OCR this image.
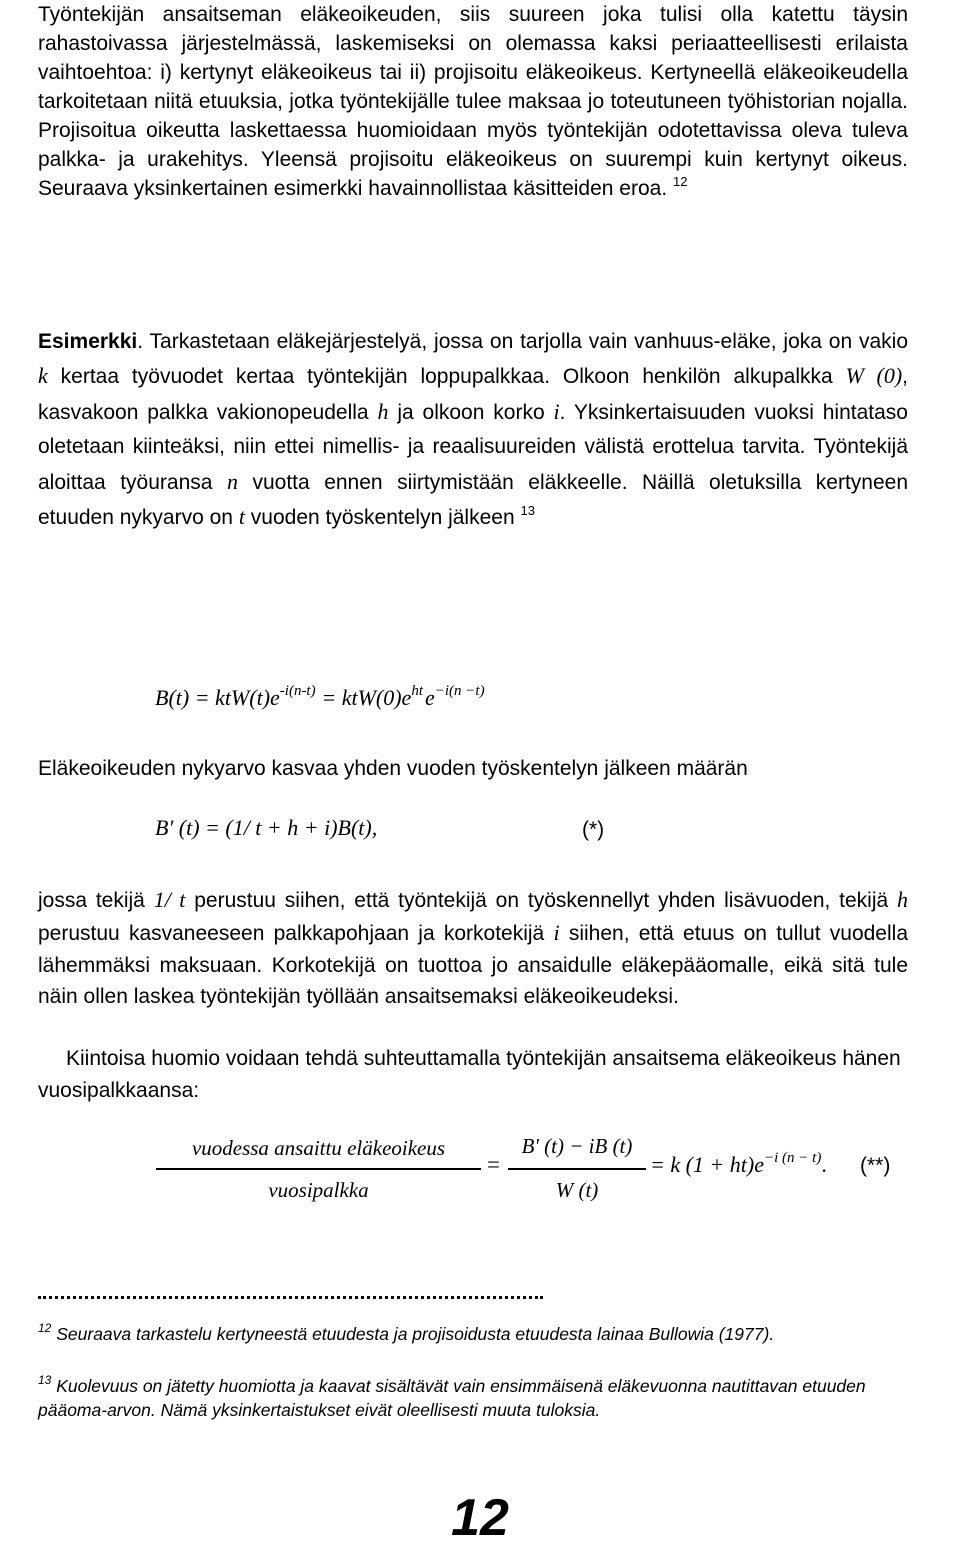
Työntekijän ansaitseman eläkeoikeuden, siis suureen joka tulisi olla katettu täysin rahastoivassa järjestelmässä, laskemiseksi on olemassa kaksi periaatteellisesti erilaista vaihtoehtoa: i) kertynyt eläkeoikeus tai ii) projisoitu eläkeoikeus. Kertyneellä eläkeoikeudella tarkoitetaan niitä etuuksia, jotka työntekijälle tulee maksaa jo toteutuneen työhistorian nojalla. Projisoitua oikeutta laskettaessa huomioidaan myös työntekijän odotettavissa oleva tuleva palkka- ja urakehitys. Yleensä projisoitu eläkeoikeus on suurempi kuin kertynyt oikeus. Seuraava yksinkertainen esimerkki havainnollistaa käsitteiden eroa. $^{12}$
Esimerkki. Tarkastetaan eläkejärjestelyä, jossa on tarjolla vain vanhuus-eläke, joka on vakio k kertaa työvuodet kertaa työntekijän loppupalkkaa. Olkoon henkilön alkupalkka W (0), kasvakoon palkka vakionopeudella h ja olkoon korko i. Yksinkertaisuuden vuoksi hintataso oletetaan kiinteäksi, niin ettei nimellis- ja reaalisuureiden välistä erottelua tarvita. Työntekijä aloittaa työuransa n vuotta ennen siirtymistään eläkkeelle. Näillä oletuksilla kertyneen etuuden nykyarvo on t vuoden työskentelyn jälkeen $^{13}$
$B(t) = ktW(t)e^{-i(n-t)} = ktW(0)e^{ht}e^{-i(n -t)}$
Eläkeoikeuden nykyarvo kasvaa yhden vuoden työskentelyn jälkeen määrän
B′ (t) = (1/ t + h + i)B(t),	(*)
jossa tekijä 1/ t perustuu siihen, että työntekijä on työskennellyt yhden lisävuoden, tekijä h perustuu kasvaneeseen palkkapohjaan ja korkotekijä i siihen, että etuus on tullut vuodella lähemmäksi maksuaan. Korkotekijä on tuottoa jo ansaidulle eläkepääomalle, eikä sitä tule näin ollen laskea työntekijän työllään ansaitsemaksi eläkeoikeudeksi.
Kiintoisa huomio voidaan tehdä suhteuttamalla työntekijän ansaitsema eläkeoikeus hänen vuosipalkkaansa:
vuodessa ansaittu eläkeoikeus
vuosipalkka
=
B' (t) − iB (t)
W (t)
= k $(1 + ht)e^{-i (n - t)}$. (**)
$^{12}$ Seuraava tarkastelu kertyneestä etuudesta ja projisoidusta etuudesta lainaa Bullowia (1977).
$^{13}$ Kuolevuus on jätetty huomiotta ja kaavat sisältävät vain ensimmäisenä eläkevuonna nautittavan etuuden pääoma-arvon. Nämä yksinkertaistukset eivät oleellisesti muuta tuloksia.
12
